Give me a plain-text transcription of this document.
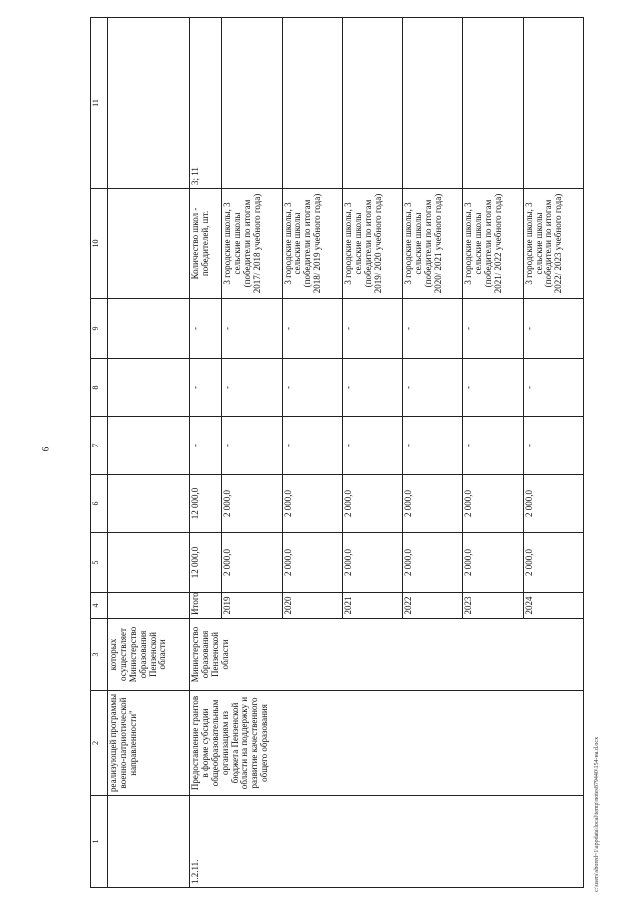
9
1	2	3	4	5	6	7	8	9	10	11
	реализующей программы военно-патриотической направленности"	которых осуществляет Министерство образования Пензенской области								
1.2.11.	Предоставление грантов в форме субсидии общеобразовательным организациям из бюджета Пензенской области на поддержку и развитие качественного общего образования	Министерство образования Пензенской области	Итого	12 000,0	12 000,0	-	-	-	Количество школ - победителей, шт.	3; 11
			2019	2 000,0	2 000,0	-	-	-	3 городские школы, 3 сельские школы (победители по итогам 2017/ 2018 учебного года)	
			2020	2 000,0	2 000,0	-	-	-	3 городские школы, 3 сельские школы (победители по итогам 2018/ 2019 учебного года)	
			2021	2 000,0	2 000,0	-	-	-	3 городские школы, 3 сельские школы (победители по итогам 2019/ 2020 учебного года)	
			2022	2 000,0	2 000,0	-	-	-	3 городские школы, 3 сельские школы (победители по итогам 2020/ 2021 учебного года)	
			2023	2 000,0	2 000,0	-	-	-	3 городские школы, 3 сельские школы (победители по итогам 2021/ 2022 учебного года)	
			2024	2 000,0	2 000,0	-	-	-	3 городские школы, 3 сельские школы (победители по итогам 2022/ 2023 учебного года)	
c:\users\sbored~1\appdata\local\temp\notes879440\154-на.d.ocx
